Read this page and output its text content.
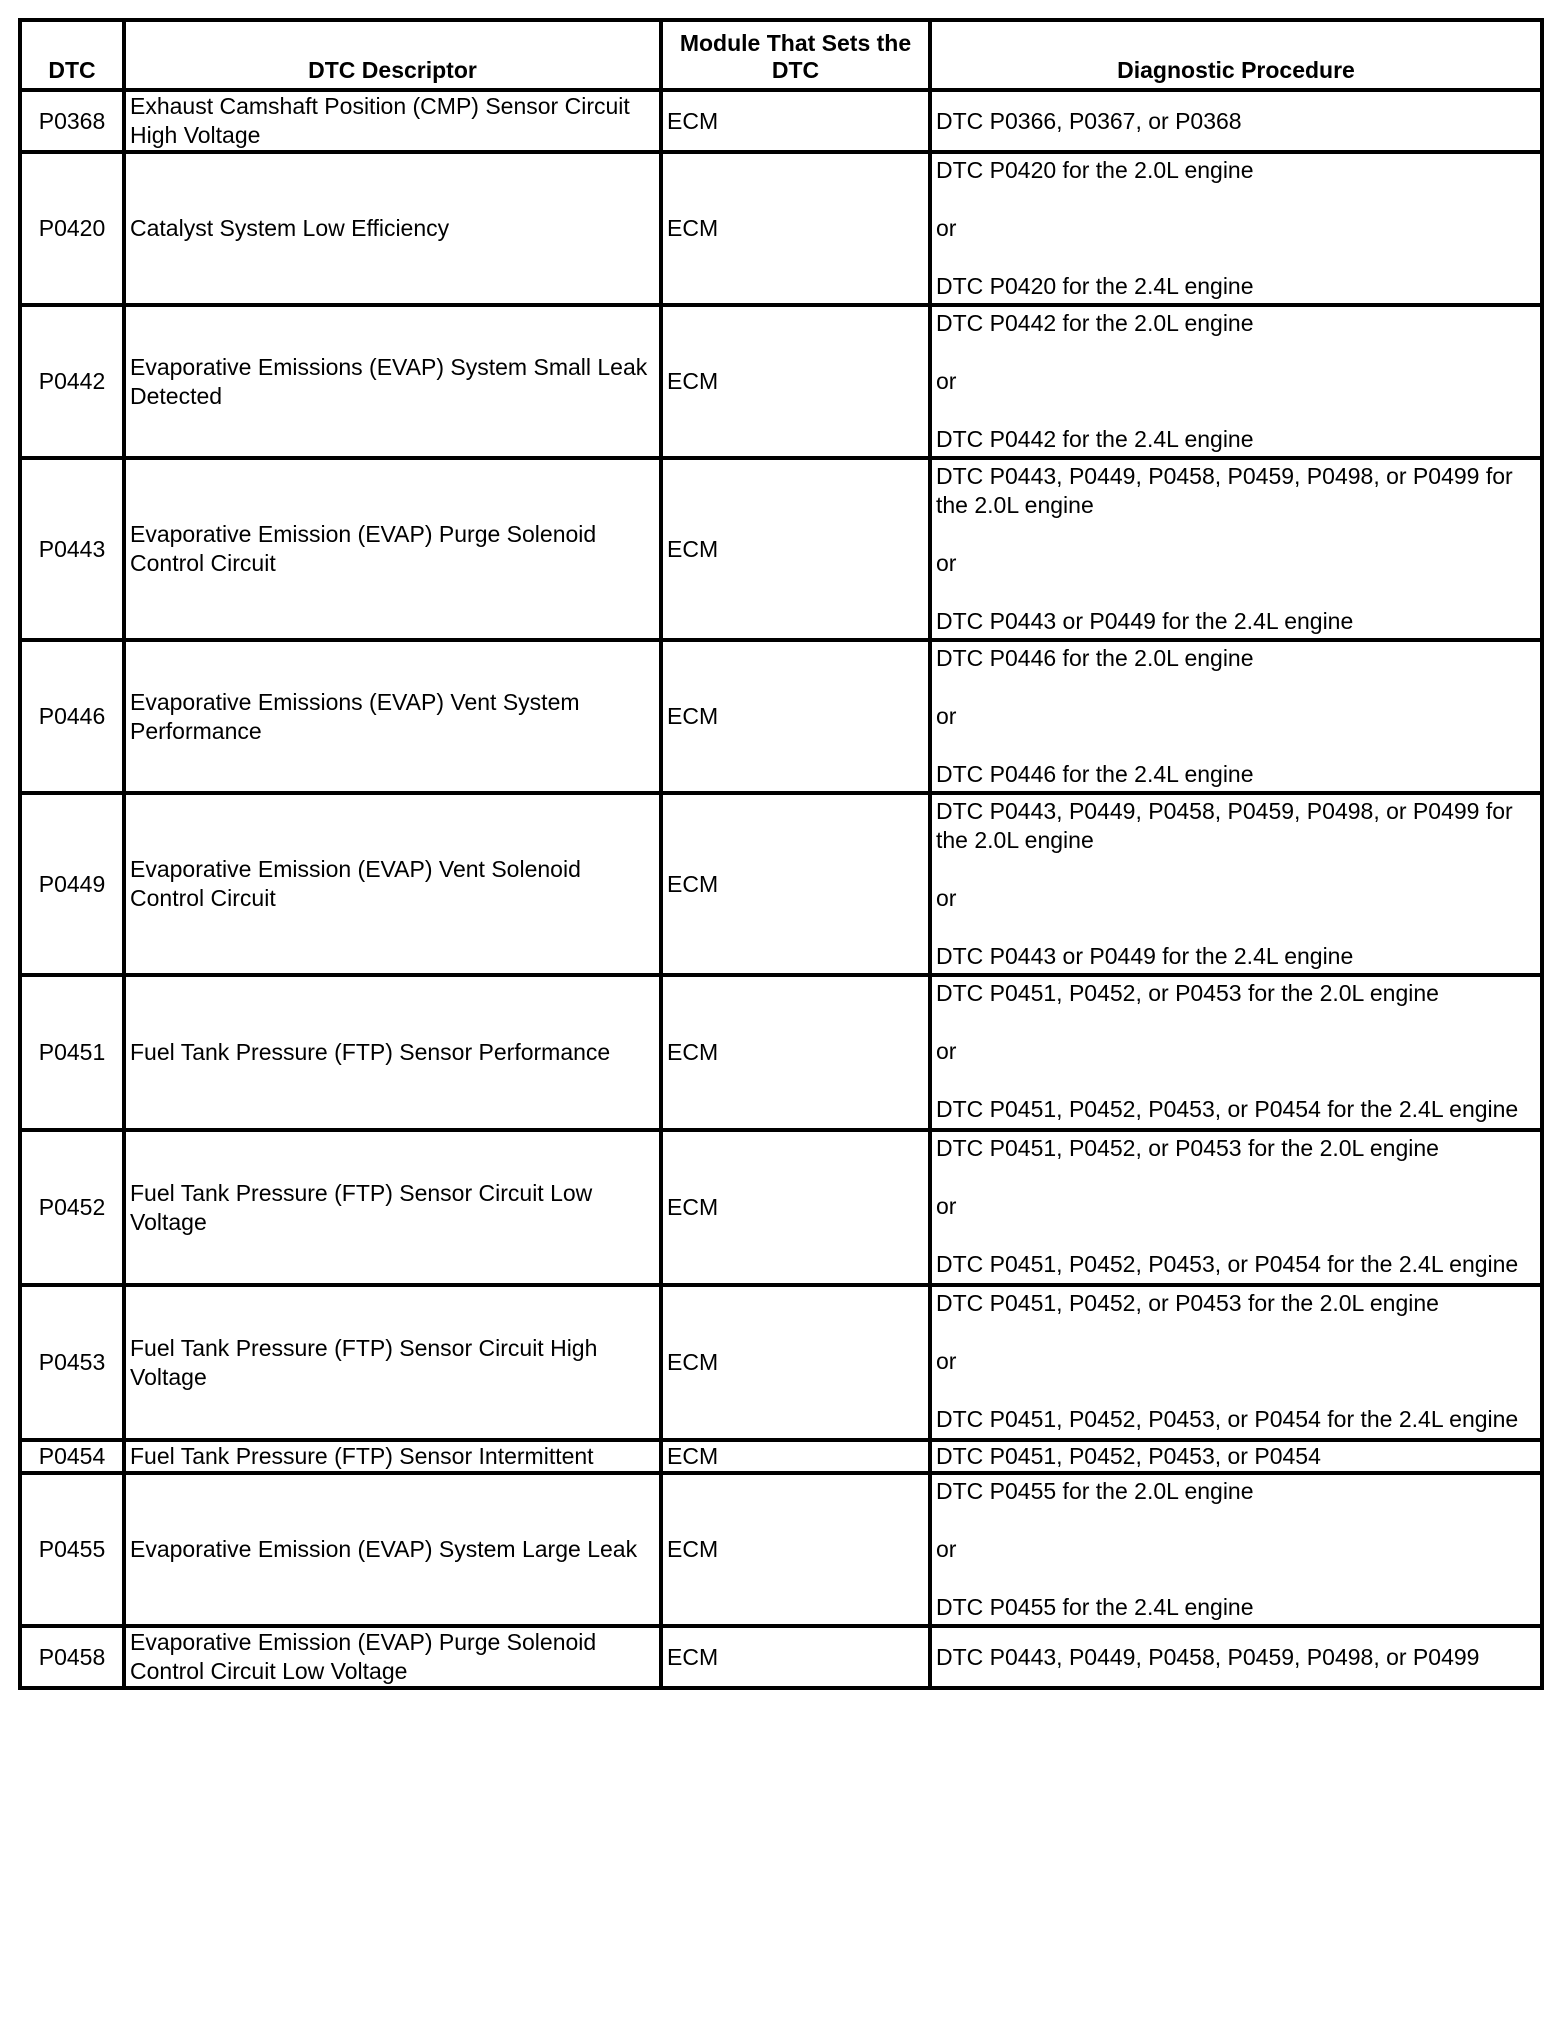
DTC	DTC Descriptor	Module That Sets the DTC	Diagnostic Procedure
P0368	Exhaust Camshaft Position (CMP) Sensor Circuit High Voltage	ECM	DTC P0366, P0367, or P0368

P0420	Catalyst System Low Efficiency	ECM	DTC P0420 for the 2.0L engine
or
DTC P0420 for the 2.4L engine

P0442	Evaporative Emissions (EVAP) System Small Leak Detected	ECM	DTC P0442 for the 2.0L engine
or
DTC P0442 for the 2.4L engine

P0443	Evaporative Emission (EVAP) Purge Solenoid Control Circuit	ECM	DTC P0443, P0449, P0458, P0459, P0498, or P0499 for the 2.0L engine
or
DTC P0443 or P0449 for the 2.4L engine

P0446	Evaporative Emissions (EVAP) Vent System Performance	ECM	DTC P0446 for the 2.0L engine
or
DTC P0446 for the 2.4L engine

P0449	Evaporative Emission (EVAP) Vent Solenoid Control Circuit	ECM	DTC P0443, P0449, P0458, P0459, P0498, or P0499 for the 2.0L engine
or
DTC P0443 or P0449 for the 2.4L engine

P0451	Fuel Tank Pressure (FTP) Sensor Performance	ECM	DTC P0451, P0452, or P0453 for the 2.0L engine
or
DTC P0451, P0452, P0453, or P0454 for the 2.4L engine

P0452	Fuel Tank Pressure (FTP) Sensor Circuit Low Voltage	ECM	DTC P0451, P0452, or P0453 for the 2.0L engine
or
DTC P0451, P0452, P0453, or P0454 for the 2.4L engine

P0453	Fuel Tank Pressure (FTP) Sensor Circuit High Voltage	ECM	DTC P0451, P0452, or P0453 for the 2.0L engine
or
DTC P0451, P0452, P0453, or P0454 for the 2.4L engine

P0454	Fuel Tank Pressure (FTP) Sensor Intermittent	ECM	DTC P0451, P0452, P0453, or P0454

P0455	Evaporative Emission (EVAP) System Large Leak	ECM	DTC P0455 for the 2.0L engine
or
DTC P0455 for the 2.4L engine

P0458	Evaporative Emission (EVAP) Purge Solenoid Control Circuit Low Voltage	ECM	DTC P0443, P0449, P0458, P0459, P0498, or P0499
